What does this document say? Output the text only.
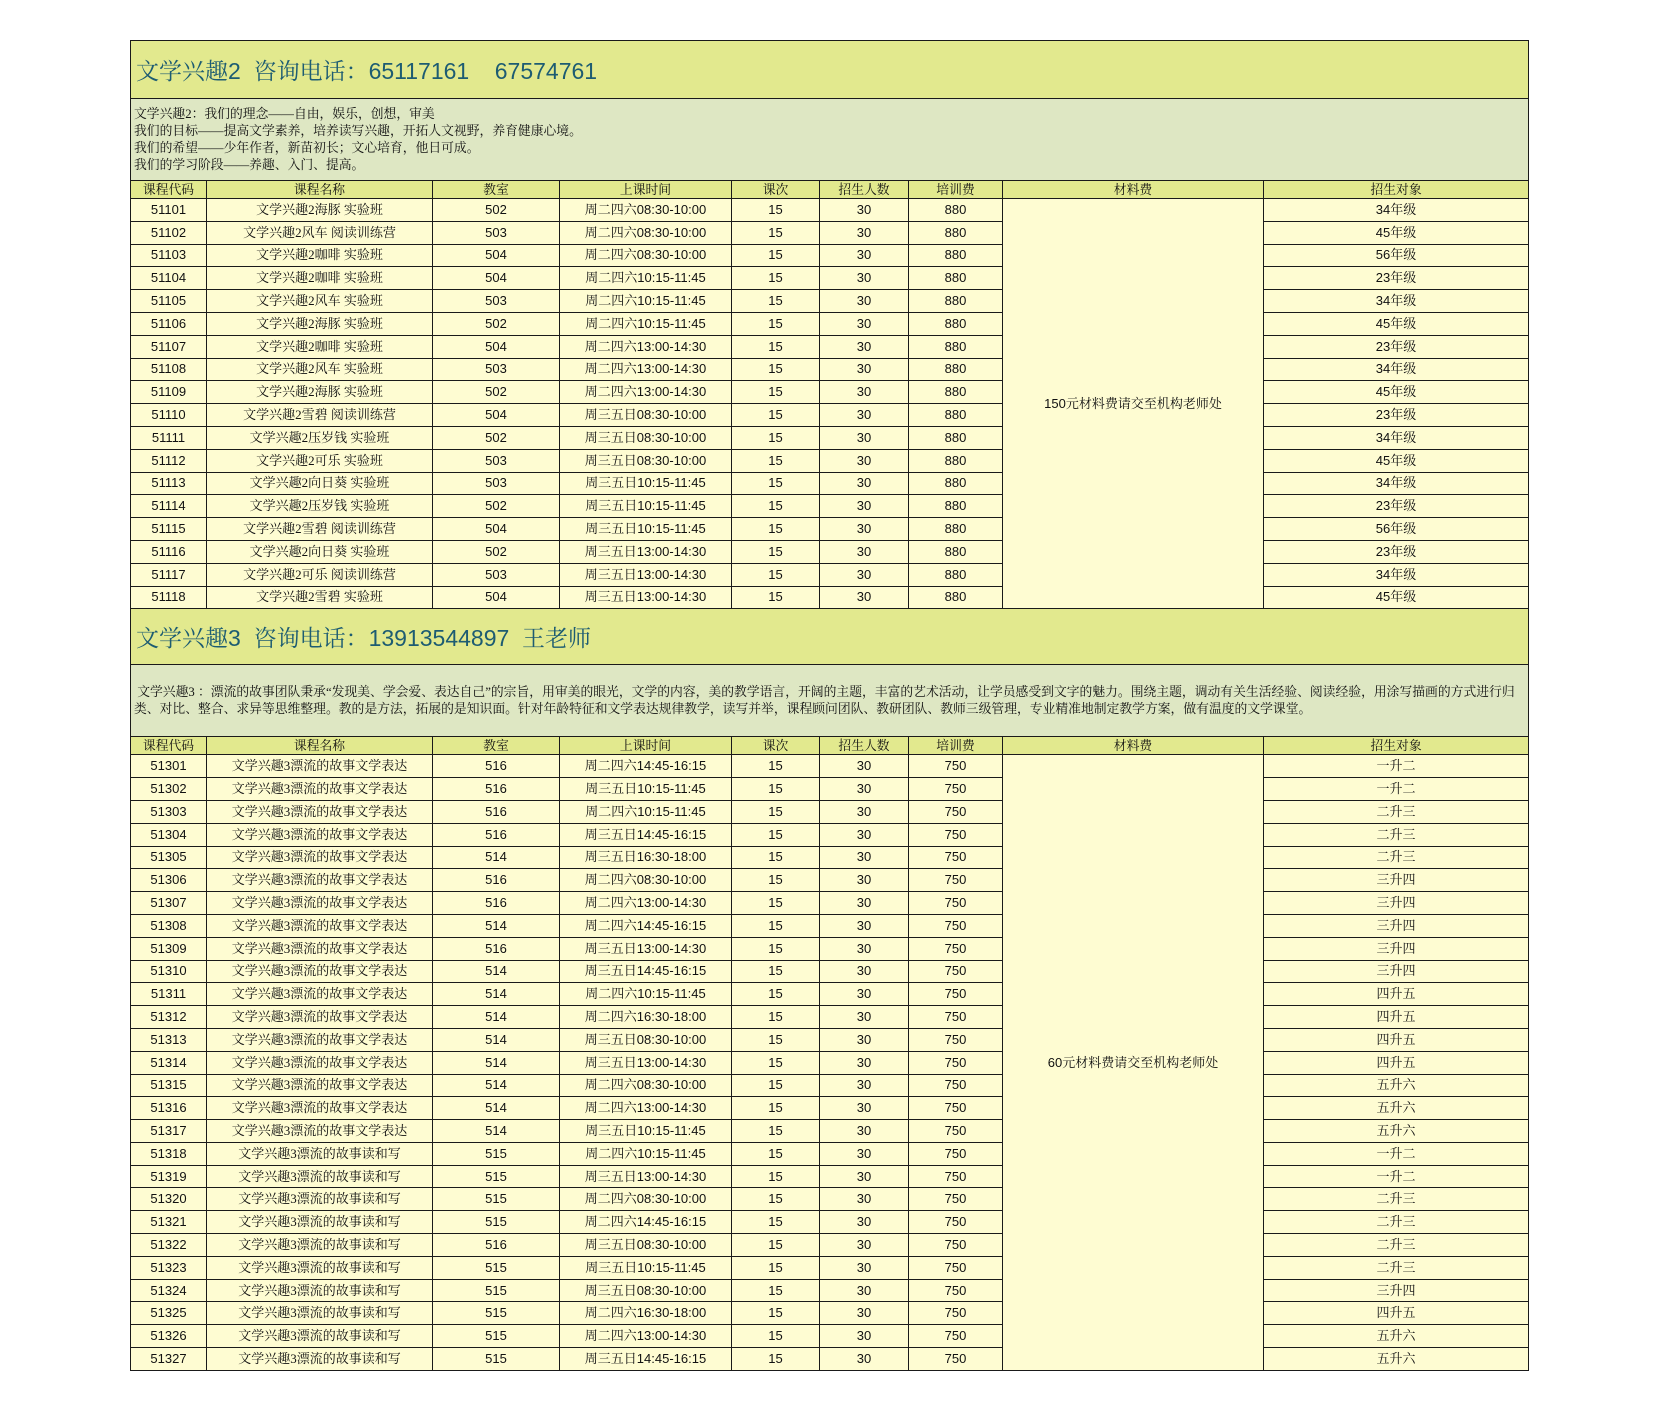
文学兴趣2  咨询电话：65117161    67574761								

文学兴趣2：我们的理念——自由，娱乐，创想，审美
我们的目标——提高文学素养，培养读写兴趣，开拓人文视野，养育健康心境。
我们的希望——少年作者，新苗初长；文心培育，他日可成。
我们的学习阶段——养趣、入门、提高。								

课程代码	课程名称	教室	上课时间	课次	招生人数	培训费	材料费	招生对象
51101	文学兴趣2海豚 实验班	502	周二四六08:30-10:00	15	30	880	150元材料费请交至机构老师处	34年级
51102	文学兴趣2风车 阅读训练营	503	周二四六08:30-10:00	15	30	880		45年级
51103	文学兴趣2咖啡 实验班	504	周二四六08:30-10:00	15	30	880		56年级
51104	文学兴趣2咖啡 实验班	504	周二四六10:15-11:45	15	30	880		23年级
51105	文学兴趣2风车 实验班	503	周二四六10:15-11:45	15	30	880		34年级
51106	文学兴趣2海豚 实验班	502	周二四六10:15-11:45	15	30	880		45年级
51107	文学兴趣2咖啡 实验班	504	周二四六13:00-14:30	15	30	880		23年级
51108	文学兴趣2风车 实验班	503	周二四六13:00-14:30	15	30	880		34年级
51109	文学兴趣2海豚 实验班	502	周二四六13:00-14:30	15	30	880		45年级
51110	文学兴趣2雪碧 阅读训练营	504	周三五日08:30-10:00	15	30	880		23年级
51111	文学兴趣2压岁钱 实验班	502	周三五日08:30-10:00	15	30	880		34年级
51112	文学兴趣2可乐 实验班	503	周三五日08:30-10:00	15	30	880		45年级
51113	文学兴趣2向日葵 实验班	503	周三五日10:15-11:45	15	30	880		34年级
51114	文学兴趣2压岁钱 实验班	502	周三五日10:15-11:45	15	30	880		23年级
51115	文学兴趣2雪碧 阅读训练营	504	周三五日10:15-11:45	15	30	880		56年级
51116	文学兴趣2向日葵 实验班	502	周三五日13:00-14:30	15	30	880		23年级
51117	文学兴趣2可乐 阅读训练营	503	周三五日13:00-14:30	15	30	880		34年级
51118	文学兴趣2雪碧 实验班	504	周三五日13:00-14:30	15	30	880		45年级
文学兴趣3  咨询电话：13913544897  王老师								
文学兴趣3 ：漂流的故事团队秉承“发现美、学会爱、表达自己”的宗旨，用审美的眼光，文学的内容，美的教学语言，开阔的主题，丰富的艺术活动，让学员感受到文字的魅力。围绕主题，调动有关生活经验、阅读经验，用涂写描画的方式进行归类、对比、整合、求异等思维整理。教的是方法，拓展的是知识面。针对年龄特征和文学表达规律教学，读写并举，课程顾问团队、教研团队、教师三级管理，专业精准地制定教学方案，做有温度的文学课堂。								
课程代码	课程名称	教室	上课时间	课次	招生人数	培训费	材料费	招生对象
51301	文学兴趣3漂流的故事文学表达	516	周二四六14:45-16:15	15	30	750	60元材料费请交至机构老师处	一升二
51302	文学兴趣3漂流的故事文学表达	516	周三五日10:15-11:45	15	30	750		一升二
51303	文学兴趣3漂流的故事文学表达	516	周二四六10:15-11:45	15	30	750		二升三
51304	文学兴趣3漂流的故事文学表达	516	周三五日14:45-16:15	15	30	750		二升三
51305	文学兴趣3漂流的故事文学表达	514	周三五日16:30-18:00	15	30	750		二升三
51306	文学兴趣3漂流的故事文学表达	516	周二四六08:30-10:00	15	30	750		三升四
51307	文学兴趣3漂流的故事文学表达	516	周二四六13:00-14:30	15	30	750		三升四
51308	文学兴趣3漂流的故事文学表达	514	周二四六14:45-16:15	15	30	750		三升四
51309	文学兴趣3漂流的故事文学表达	516	周三五日13:00-14:30	15	30	750		三升四
51310	文学兴趣3漂流的故事文学表达	514	周三五日14:45-16:15	15	30	750		三升四
51311	文学兴趣3漂流的故事文学表达	514	周二四六10:15-11:45	15	30	750		四升五
51312	文学兴趣3漂流的故事文学表达	514	周二四六16:30-18:00	15	30	750		四升五
51313	文学兴趣3漂流的故事文学表达	514	周三五日08:30-10:00	15	30	750		四升五
51314	文学兴趣3漂流的故事文学表达	514	周三五日13:00-14:30	15	30	750		四升五
51315	文学兴趣3漂流的故事文学表达	514	周二四六08:30-10:00	15	30	750		五升六
51316	文学兴趣3漂流的故事文学表达	514	周二四六13:00-14:30	15	30	750		五升六
51317	文学兴趣3漂流的故事文学表达	514	周三五日10:15-11:45	15	30	750		五升六
51318	文学兴趣3漂流的故事读和写	515	周二四六10:15-11:45	15	30	750		一升二
51319	文学兴趣3漂流的故事读和写	515	周三五日13:00-14:30	15	30	750		一升二
51320	文学兴趣3漂流的故事读和写	515	周二四六08:30-10:00	15	30	750		二升三
51321	文学兴趣3漂流的故事读和写	515	周二四六14:45-16:15	15	30	750		二升三
51322	文学兴趣3漂流的故事读和写	516	周三五日08:30-10:00	15	30	750		二升三
51323	文学兴趣3漂流的故事读和写	515	周三五日10:15-11:45	15	30	750		二升三
51324	文学兴趣3漂流的故事读和写	515	周三五日08:30-10:00	15	30	750		三升四
51325	文学兴趣3漂流的故事读和写	515	周二四六16:30-18:00	15	30	750		四升五
51326	文学兴趣3漂流的故事读和写	515	周二四六13:00-14:30	15	30	750		五升六
51327	文学兴趣3漂流的故事读和写	515	周三五日14:45-16:15	15	30	750		五升六
